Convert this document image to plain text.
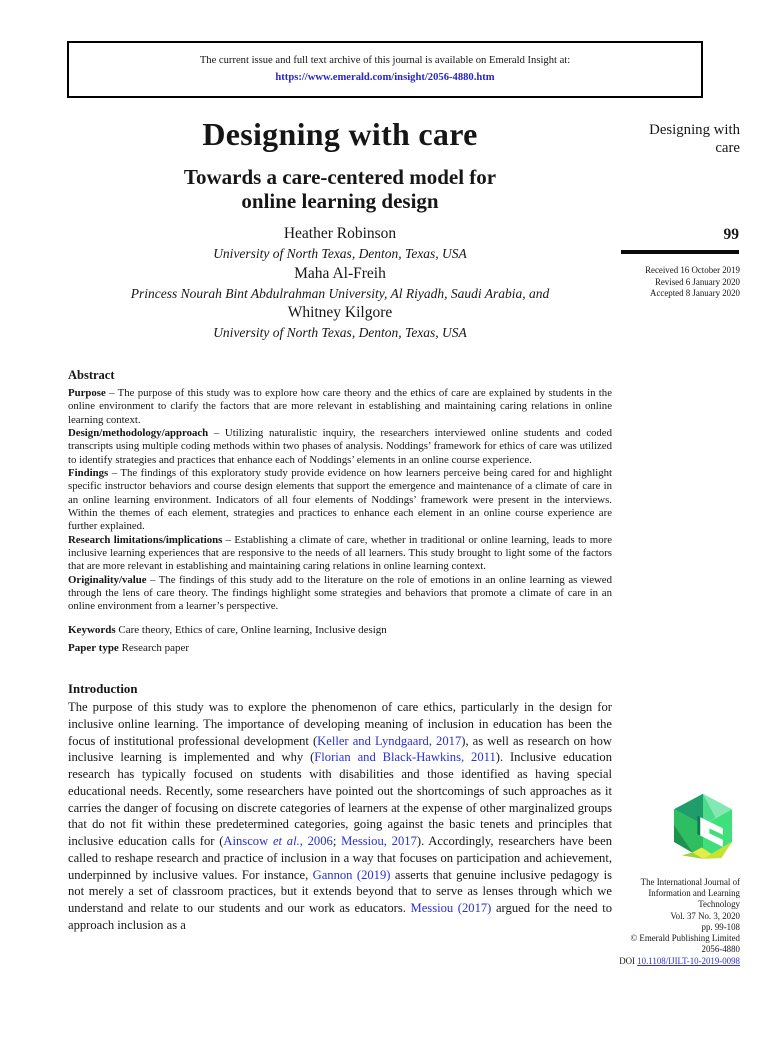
The current issue and full text archive of this journal is available on Emerald Insight at:
https://www.emerald.com/insight/2056-4880.htm
Designing with
care
99
Received 16 October 2019
Revised 6 January 2020
Accepted 8 January 2020
The International Journal of
Information and Learning
Technology
Vol. 37 No. 3, 2020
pp. 99-108
© Emerald Publishing Limited
2056-4880
DOI 10.1108/IJILT-10-2019-0098
Designing with care
Towards a care-centered model for
online learning design
Heather Robinson
University of North Texas, Denton, Texas, USA
Maha Al-Freih
Princess Nourah Bint Abdulrahman University, Al Riyadh, Saudi Arabia, and
Whitney Kilgore
University of North Texas, Denton, Texas, USA
Abstract

Purpose – The purpose of this study was to explore how care theory and the ethics of care are explained by students in the online environment to clarify the factors that are more relevant in establishing and maintaining caring relations in online learning context.

Design/methodology/approach – Utilizing naturalistic inquiry, the researchers interviewed online students and coded transcripts using multiple coding methods within two phases of analysis. Noddings’ framework for ethics of care was utilized to identify strategies and practices that enhance each of Noddings’ elements in an online course experience.

Findings – The findings of this exploratory study provide evidence on how learners perceive being cared for and highlight specific instructor behaviors and course design elements that support the emergence and maintenance of a climate of care in an online learning environment. Indicators of all four elements of Noddings’ framework were present in the interviews. Within the themes of each element, strategies and practices to enhance each element in an online course experience are further explained.

Research limitations/implications – Establishing a climate of care, whether in traditional or online learning, leads to more inclusive learning experiences that are responsive to the needs of all learners. This study brought to light some of the factors that are more relevant in establishing and maintaining caring relations in online learning context.

Originality/value – The findings of this study add to the literature on the role of emotions in an online learning as viewed through the lens of care theory. The findings highlight some strategies and behaviors that promote a climate of care in an online environment from a learner’s perspective.

Keywords Care theory, Ethics of care, Online learning, Inclusive design
Paper type Research paper
Introduction

The purpose of this study was to explore the phenomenon of care ethics, particularly in the design for inclusive online learning. The importance of developing meaning of inclusion in education has been the focus of institutional professional development (Keller and Lyndgaard, 2017), as well as research on how inclusive learning is implemented and why (Florian and Black-Hawkins, 2011). Inclusive education research has typically focused on students with disabilities and those identified as having special educational needs. Recently, some researchers have pointed out the shortcomings of such approaches as it carries the danger of focusing on discrete categories of learners at the expense of other marginalized groups that do not fit within these predetermined categories, going against the basic tenets and principles that inclusive education calls for (Ainscow et al., 2006; Messiou, 2017). Accordingly, researchers have been called to reshape research and practice of inclusion in a way that focuses on participation and achievement, underpinned by inclusive values. For instance, Gannon (2019) asserts that genuine inclusive pedagogy is not merely a set of classroom practices, but it extends beyond that to serve as lenses through which we understand and relate to our students and our work as educators. Messiou (2017) argued for the need to approach inclusion as a
